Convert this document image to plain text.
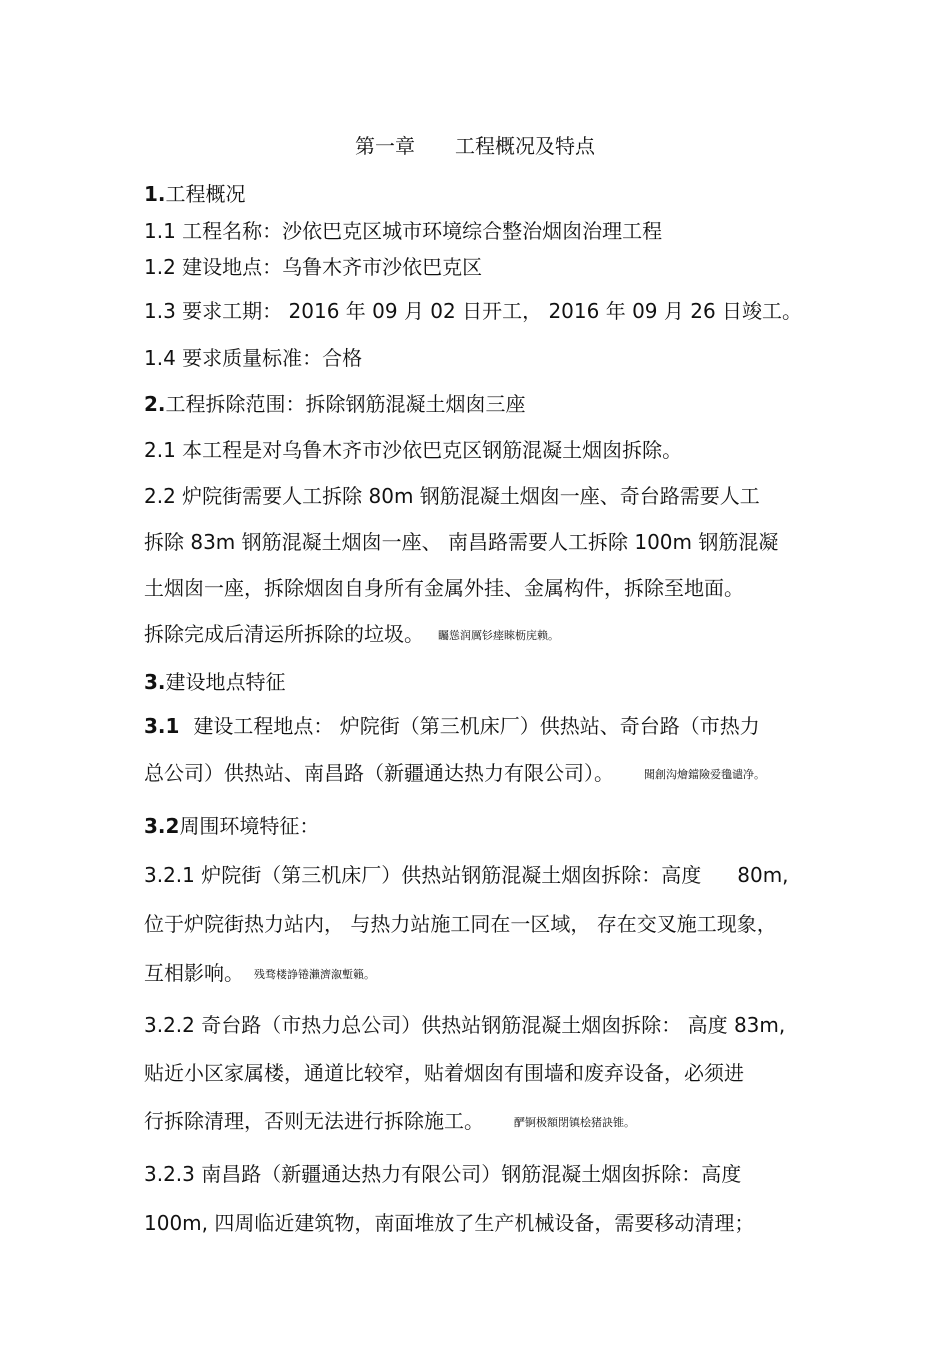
第一章　　工程概况及特点

1.工程概况

1.1 工程名称：沙依巴克区城市环境综合整治烟囱治理工程

1.2 建设地点：乌鲁木齐市沙依巴克区

1.3 要求工期： 2016 年 09 月 02 日开工， 2016 年 09 月 26 日竣工。

1.4 要求质量标准：合格

2.工程拆除范围：拆除钢筋混凝土烟囱三座

2.1 本工程是对乌鲁木齐市沙依巴克区钢筋混凝土烟囱拆除。

2.2 炉院街需要人工拆除 80m 钢筋混凝土烟囱一座、奇台路需要人工

拆除 83m 钢筋混凝土烟囱一座、 南昌路需要人工拆除 100m 钢筋混凝

土烟囱一座，拆除烟囱自身所有金属外挂、金属构件，拆除至地面。

拆除完成后清运所拆除的垃圾。 矚慫润厲钐瘗睞枥庑赖。

3.建设地点特征

3.1 建设工程地点： 炉院街（第三机床厂）供热站、奇台路（市热力

总公司）供热站、南昌路（新疆通达热力有限公司）。	聞創沟燴鐺險爱氇谴净。

3.2周围环境特征：

3.2.1 炉院街（第三机床厂）供热站钢筋混凝土烟囱拆除：高度 80m,

位于炉院街热力站内， 与热力站施工同在一区域， 存在交叉施工现象，

互相影响。 残骛楼諍锩瀨濟溆塹籟。

3.2.2 奇台路（市热力总公司）供热站钢筋混凝土烟囱拆除： 高度 83m,

贴近小区家属楼，通道比较窄，贴着烟囱有围墙和废弃设备，必须进

行拆除清理，否则无法进行拆除施工。	酽锕极額閉镇桧猪訣锥。

3.2.3 南昌路（新疆通达热力有限公司）钢筋混凝土烟囱拆除：高度

100m, 四周临近建筑物，南面堆放了生产机械设备，需要移动清理；
